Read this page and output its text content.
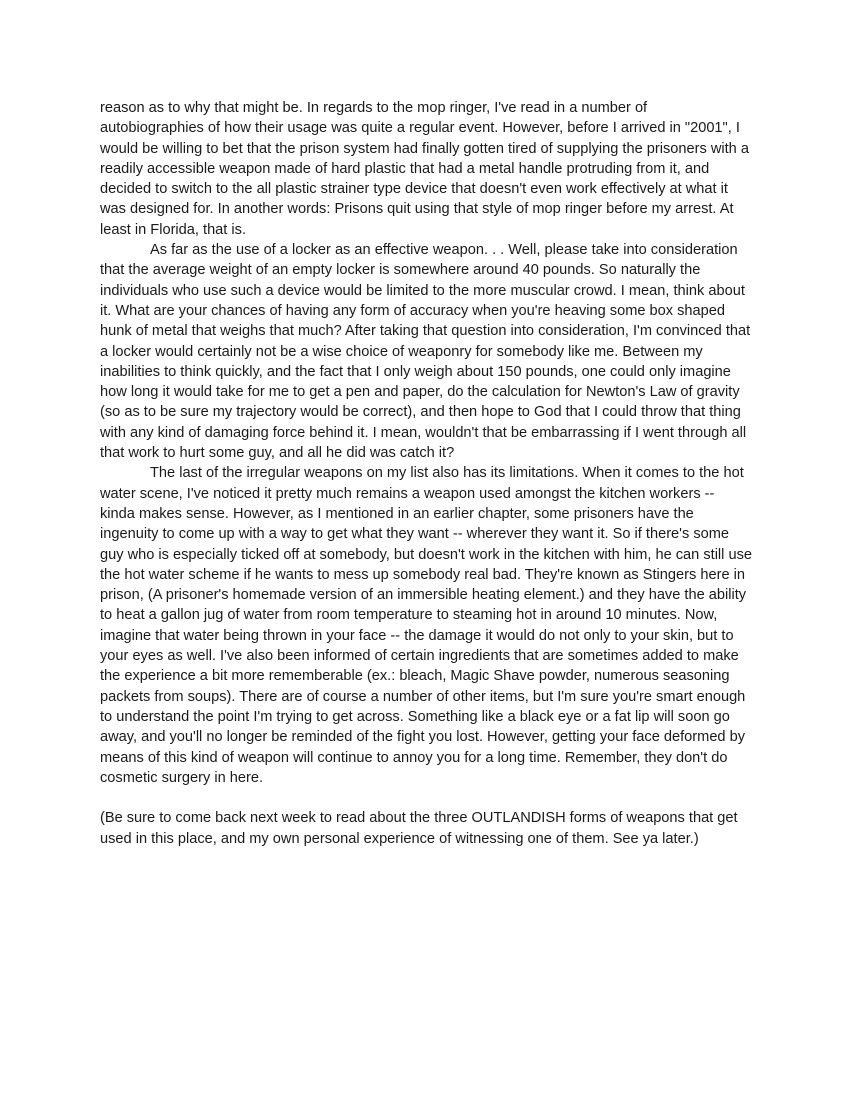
reason as to why that might be. In regards to the mop ringer, I've read in a number of autobiographies of how their usage was quite a regular event. However, before I arrived in "2001", I would be willing to bet that the prison system had finally gotten tired of supplying the prisoners with a readily accessible weapon made of hard plastic that had a metal handle protruding from it, and decided to switch to the all plastic strainer type device that doesn't even work effectively at what it was designed for. In another words: Prisons quit using that style of mop ringer before my arrest. At least in Florida, that is.

As far as the use of a locker as an effective weapon. . . Well, please take into consideration that the average weight of an empty locker is somewhere around 40 pounds. So naturally the individuals who use such a device would be limited to the more muscular crowd. I mean, think about it. What are your chances of having any form of accuracy when you're heaving some box shaped hunk of metal that weighs that much? After taking that question into consideration, I'm convinced that a locker would certainly not be a wise choice of weaponry for somebody like me. Between my inabilities to think quickly, and the fact that I only weigh about 150 pounds, one could only imagine how long it would take for me to get a pen and paper, do the calculation for Newton's Law of gravity (so as to be sure my trajectory would be correct), and then hope to God that I could throw that thing with any kind of damaging force behind it. I mean, wouldn't that be embarrassing if I went through all that work to hurt some guy, and all he did was catch it?

The last of the irregular weapons on my list also has its limitations. When it comes to the hot water scene, I've noticed it pretty much remains a weapon used amongst the kitchen workers -- kinda makes sense. However, as I mentioned in an earlier chapter, some prisoners have the ingenuity to come up with a way to get what they want -- wherever they want it. So if there's some guy who is especially ticked off at somebody, but doesn't work in the kitchen with him, he can still use the hot water scheme if he wants to mess up somebody real bad. They're known as Stingers here in prison, (A prisoner's homemade version of an immersible heating element.) and they have the ability to heat a gallon jug of water from room temperature to steaming hot in around 10 minutes. Now, imagine that water being thrown in your face -- the damage it would do not only to your skin, but to your eyes as well. I've also been informed of certain ingredients that are sometimes added to make the experience a bit more rememberable (ex.: bleach, Magic Shave powder, numerous seasoning packets from soups). There are of course a number of other items, but I'm sure you're smart enough to understand the point I'm trying to get across. Something like a black eye or a fat lip will soon go away, and you'll no longer be reminded of the fight you lost. However, getting your face deformed by means of this kind of weapon will continue to annoy you for a long time. Remember, they don't do cosmetic surgery in here.

(Be sure to come back next week to read about the three OUTLANDISH forms of weapons that get used in this place, and my own personal experience of witnessing one of them. See ya later.)
